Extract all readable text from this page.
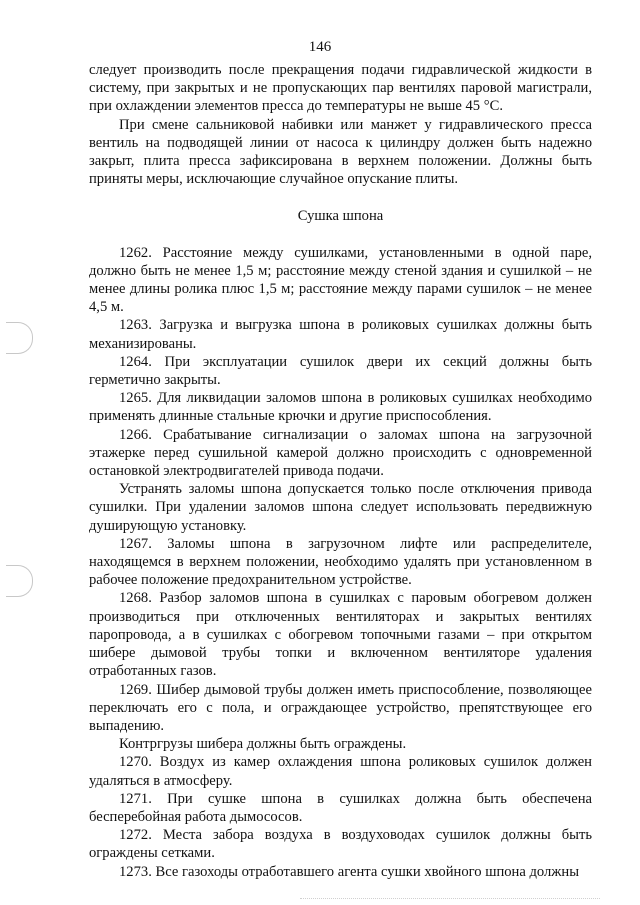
146

следует производить после прекращения подачи гидравлической жидкости в систему, при закрытых и не пропускающих пар вентилях паровой магистрали, при охлаждении элементов пресса до температуры не выше 45 °С.

При смене сальниковой набивки или манжет у гидравлического пресса вентиль на подводящей линии от насоса к цилиндру должен быть надежно закрыт, плита пресса зафиксирована в верхнем положении. Должны быть приняты меры, исключающие случайное опускание плиты.

Сушка шпона

1262. Расстояние между сушилками, установленными в одной паре, должно быть не менее 1,5 м; расстояние между стеной здания и сушилкой – не менее длины ролика плюс 1,5 м; расстояние между парами сушилок – не менее 4,5 м.

1263. Загрузка и выгрузка шпона в роликовых сушилках должны быть механизированы.

1264. При эксплуатации сушилок двери их секций должны быть герметично закрыты.

1265. Для ликвидации заломов шпона в роликовых сушилках необходимо применять длинные стальные крючки и другие приспособления.

1266. Срабатывание сигнализации о заломах шпона на загрузочной этажерке перед сушильной камерой должно происходить с одновременной остановкой электродвигателей привода подачи.

Устранять заломы шпона допускается только после отключения привода сушилки. При удалении заломов шпона следует использовать передвижную душирующую установку.

1267. Заломы шпона в загрузочном лифте или распределителе, находящемся в верхнем положении, необходимо удалять при установленном в рабочее положение предохранительном устройстве.

1268. Разбор заломов шпона в сушилках с паровым обогревом должен производиться при отключенных вентиляторах и закрытых вентилях паропровода, а в сушилках с обогревом топочными газами – при открытом шибере дымовой трубы топки и включенном вентиляторе удаления отработанных газов.

1269. Шибер дымовой трубы должен иметь приспособление, позволяющее переключать его с пола, и ограждающее устройство, препятствующее его выпадению.

Контргрузы шибера должны быть ограждены.

1270. Воздух из камер охлаждения шпона роликовых сушилок должен удаляться в атмосферу.

1271. При сушке шпона в сушилках должна быть обеспечена бесперебойная работа дымососов.

1272. Места забора воздуха в воздуховодах сушилок должны быть ограждены сетками.

1273. Все газоходы отработавшего агента сушки хвойного шпона должны
